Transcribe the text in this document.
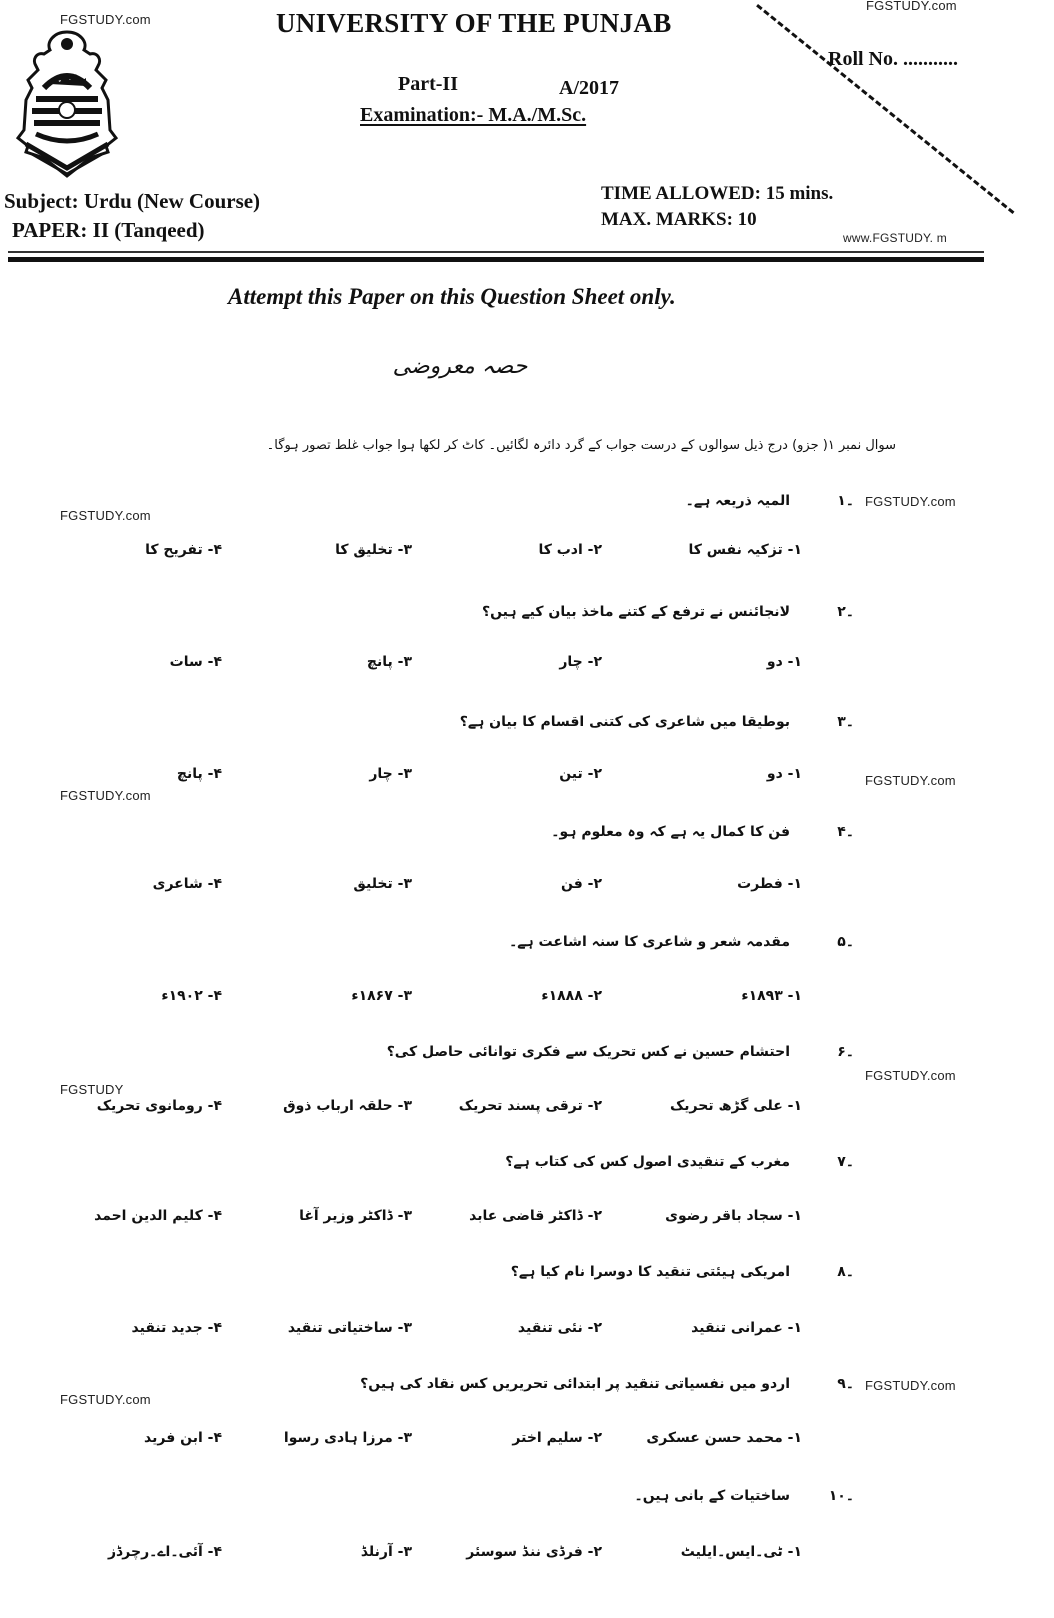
FGSTUDY.com
FGSTUDY.com
UNIVERSITY OF THE PUNJAB
Roll No. ...........
Part-II	A/2017
Examination:- M.A./M.Sc.
Subject: Urdu (New Course)
PAPER: II (Tanqeed)
TIME ALLOWED: 15 mins.
MAX. MARKS: 10
www.FGSTUDY. m
Attempt this Paper on this Question Sheet only.
حصہ معروضی
سوال نمبر ۱( جزو) درج ذیل سوالوں کے درست جواب کے گرد دائرہ لگائیں۔ کاٹ کر لکھا ہوا جواب غلط تصور ہوگا۔
۔۱
المیہ ذریعہ ہے۔	FGSTUDY.com
FGSTUDY.com
۱- تزکیہ نفس کا
۲- ادب کا
۳- تخلیق کا
۴- تفریح کا
۔۲
لانجائنس نے ترفع کے کتنے ماخذ بیان کیے ہیں؟
۱- دو
۲- چار
۳- پانچ
۴- سات
۔۳
بوطیقا میں شاعری کی کتنی اقسام کا بیان ہے؟
۱- دو
۲- تین
۳- چار
۴- پانچ	FGSTUDY.com
FGSTUDY.com
۔۴
فن کا کمال یہ ہے کہ وہ معلوم ہو۔
۱- فطرت
۲- فن
۳- تخلیق
۴- شاعری
۔۵
مقدمہ شعر و شاعری کا سنہ اشاعت ہے۔
۱- ۱۸۹۳ء
۲- ۱۸۸۸ء
۳- ۱۸۶۷ء
۴- ۱۹۰۲ء
۔۶
احتشام حسین نے کس تحریک سے فکری توانائی حاصل کی؟
FGSTUDY.com
FGSTUDY
۱- علی گڑھ تحریک
۲- ترقی پسند تحریک
۳- حلقہ ارباب ذوق
۴- رومانوی تحریک
۔۷
مغرب کے تنقیدی اصول کس کی کتاب ہے؟
۱- سجاد باقر رضوی
۲- ڈاکٹر قاضی عابد
۳- ڈاکٹر وزیر آغا
۴- کلیم الدین احمد
۔۸
امریکی ہیئتی تنقید کا دوسرا نام کیا ہے؟
۱- عمرانی تنقید
۲- نئی تنقید
۳- ساختیاتی تنقید
۴- جدید تنقید
۔۹
اردو میں نفسیاتی تنقید پر ابتدائی تحریریں کس نقاد کی ہیں؟	FGSTUDY.com
FGSTUDY.com
۱- محمد حسن عسکری
۲- سلیم اختر
۳- مرزا ہادی رسوا
۴- ابن فرید
۔۱۰
ساختیات کے بانی ہیں۔
۱- ٹی۔ایس۔ایلیٹ
۲- فرڈی ننڈ سوسئر
۳- آرنلڈ
۴- آئی۔اے۔رچرڈز
